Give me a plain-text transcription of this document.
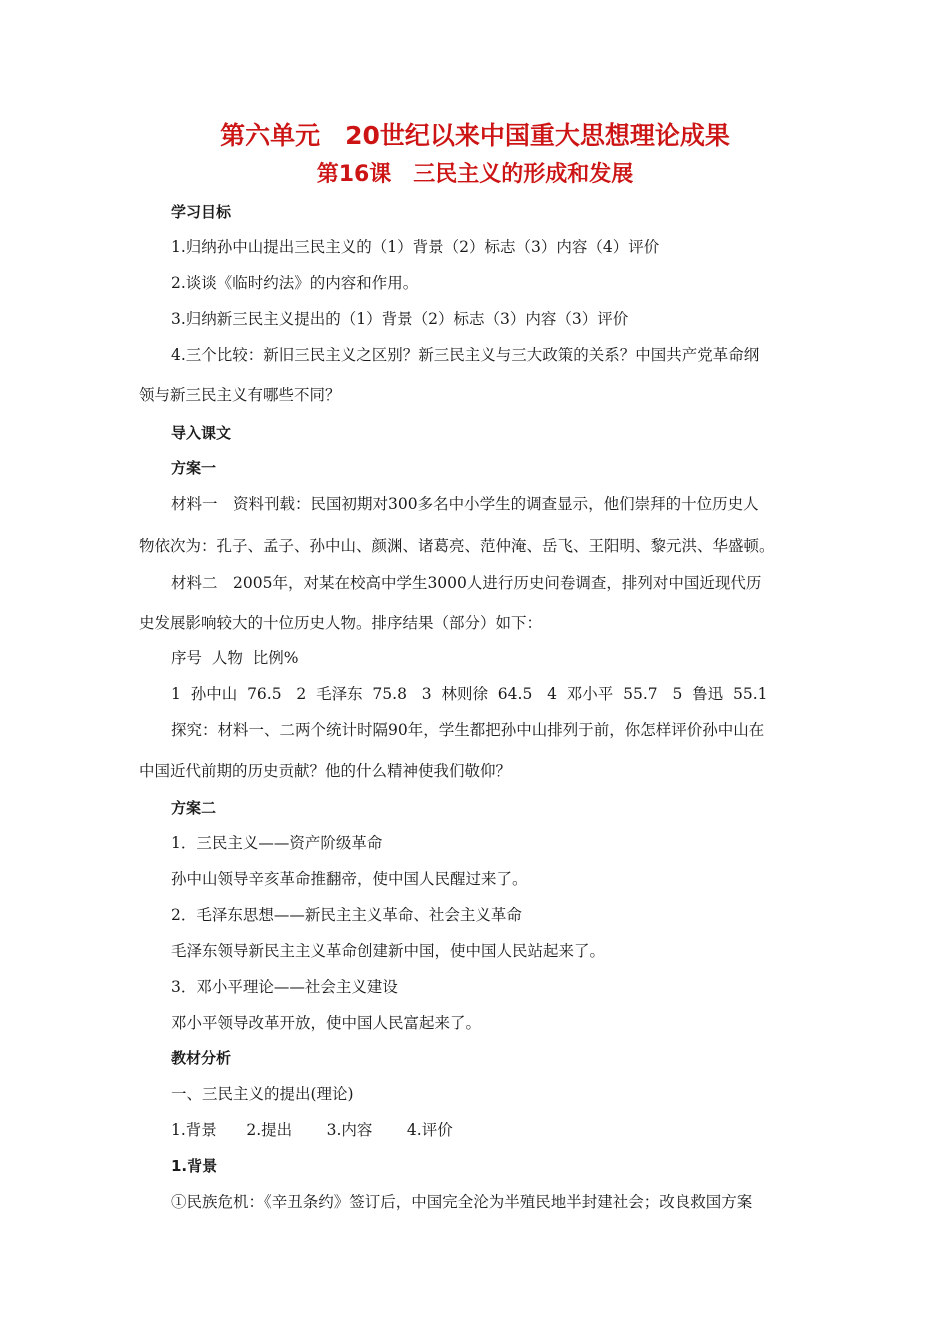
第六单元　20世纪以来中国重大思想理论成果
第16课　三民主义的形成和发展
学习目标
1.归纳孙中山提出三民主义的（1）背景（2）标志（3）内容（4）评价
2.谈谈《临时约法》的内容和作用。
3.归纳新三民主义提出的（1）背景（2）标志（3）内容（3）评价
4.三个比较：新旧三民主义之区别？新三民主义与三大政策的关系？中国共产党革命纲
领与新三民主义有哪些不同？
导入课文
方案一
材料一　资料刊载：民国初期对300多名中小学生的调查显示，他们崇拜的十位历史人
物依次为：孔子、孟子、孙中山、颜渊、诸葛亮、范仲淹、岳飞、王阳明、黎元洪、华盛顿。
材料二　2005年，对某在校高中学生3000人进行历史问卷调查，排列对中国近现代历
史发展影响较大的十位历史人物。排序结果（部分）如下：
序号  人物  比例%
1  孙中山  76.5   2  毛泽东  75.8   3  林则徐  64.5   4  邓小平  55.7   5  鲁迅  55.1
探究：材料一、二两个统计时隔90年，学生都把孙中山排列于前，你怎样评价孙中山在
中国近代前期的历史贡献？他的什么精神使我们敬仰？
方案二
1．三民主义——资产阶级革命
孙中山领导辛亥革命推翻帝，使中国人民醒过来了。
2．毛泽东思想——新民主主义革命、社会主义革命
毛泽东领导新民主主义革命创建新中国，使中国人民站起来了。
3．邓小平理论——社会主义建设
邓小平领导改革开放，使中国人民富起来了。
教材分析
一、三民主义的提出(理论)
1.背景      2.提出       3.内容       4.评价
1.背景
①民族危机：《辛丑条约》签订后，中国完全沦为半殖民地半封建社会；改良救国方案
